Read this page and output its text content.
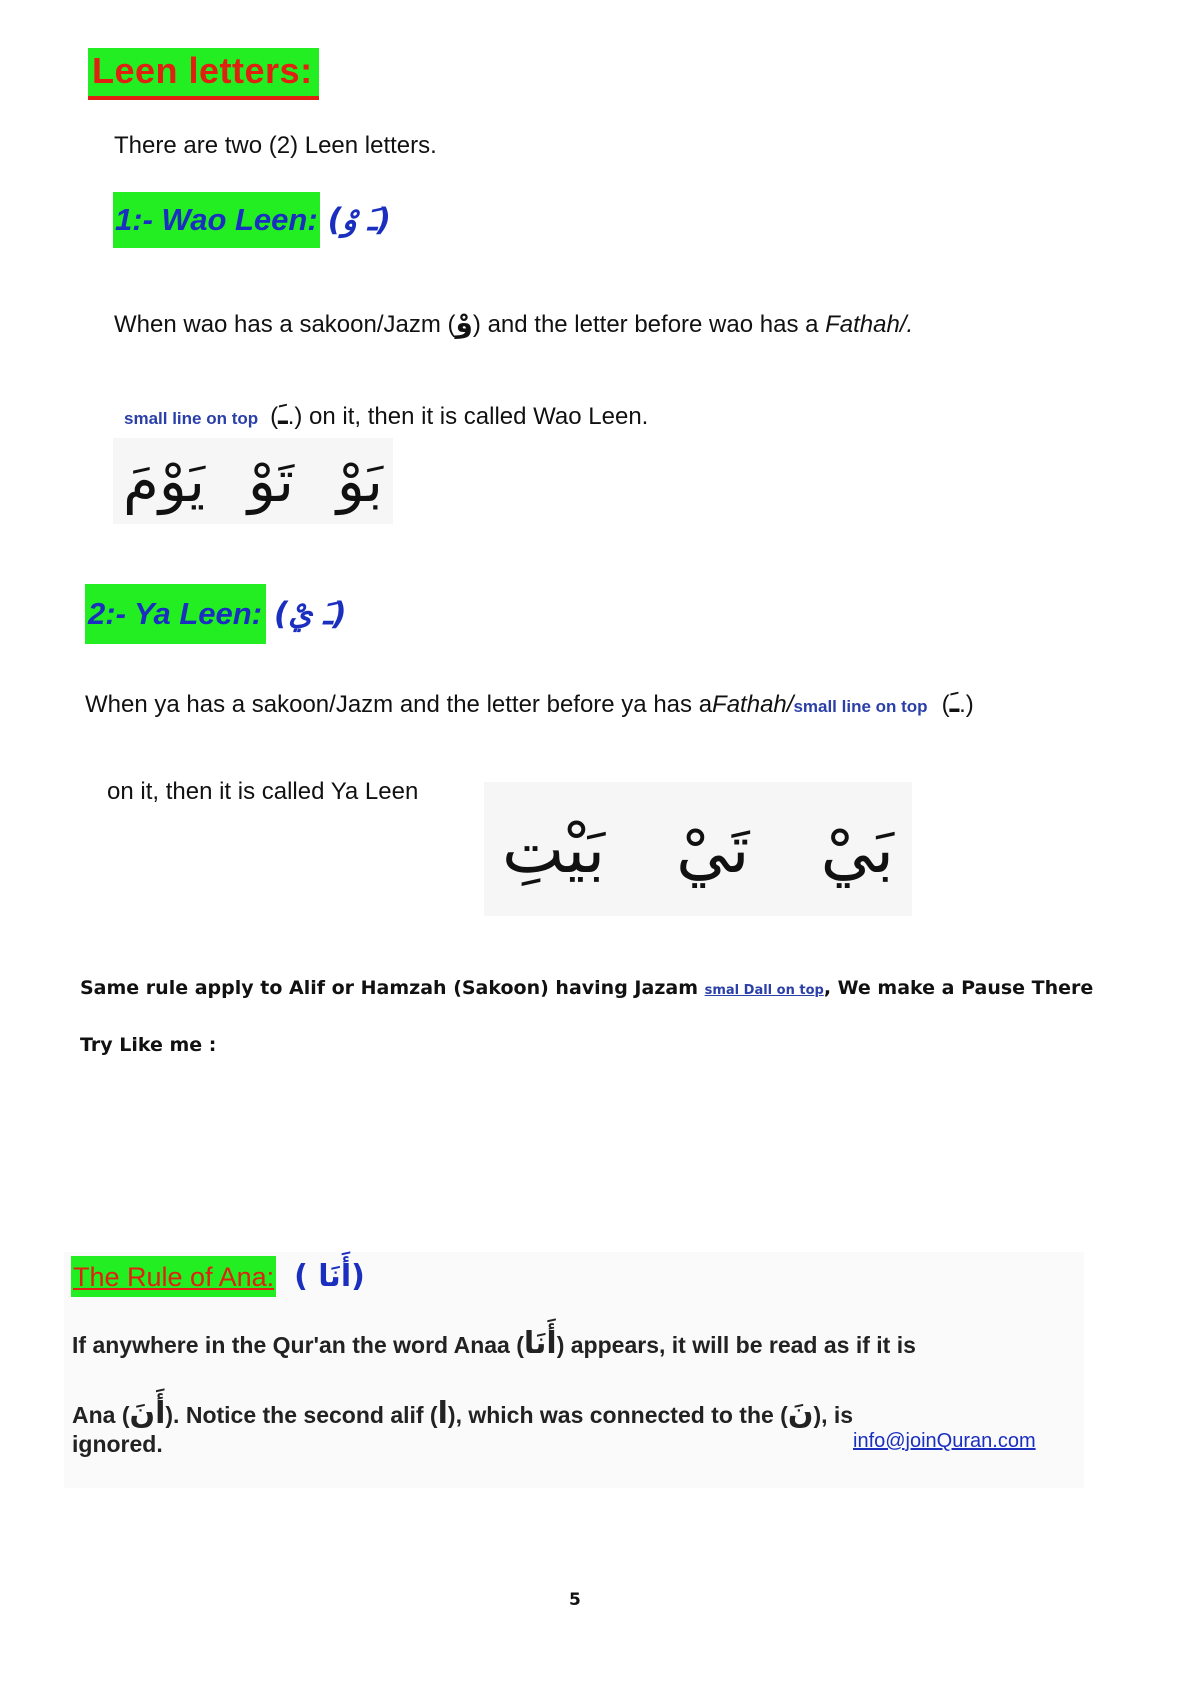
Leen letters:
There are two (2) Leen letters.
1:- Wao Leen: (ـَ وْ)
When wao has a sakoon/Jazm (وْ) and the letter before wao has a Fathah/.
small line on top ( ـَ .) on it, then it is called Wao Leen.
بَوْ
تَوْ
يَوْمَ
2:- Ya Leen: (ـَ يْ)
When ya has a sakoon/Jazm and the letter before ya has a Fathah/ small line on top ( ـَ .)
on it, then it is called Ya Leen
بَيْ
تَيْ
بَيْتِ
Same rule apply to Alif or Hamzah (Sakoon) having Jazam smal Dall on top, We make a Pause There
Try Like me :
The Rule of Ana: ( أَنَا)
If anywhere in the Qur'an the word Anaa (أَنَا) appears, it will be read as if it is
Ana (أَنَ). Notice the second alif (ا), which was connected to the (نَ), is
ignored.	info@joinQuran.com
5
